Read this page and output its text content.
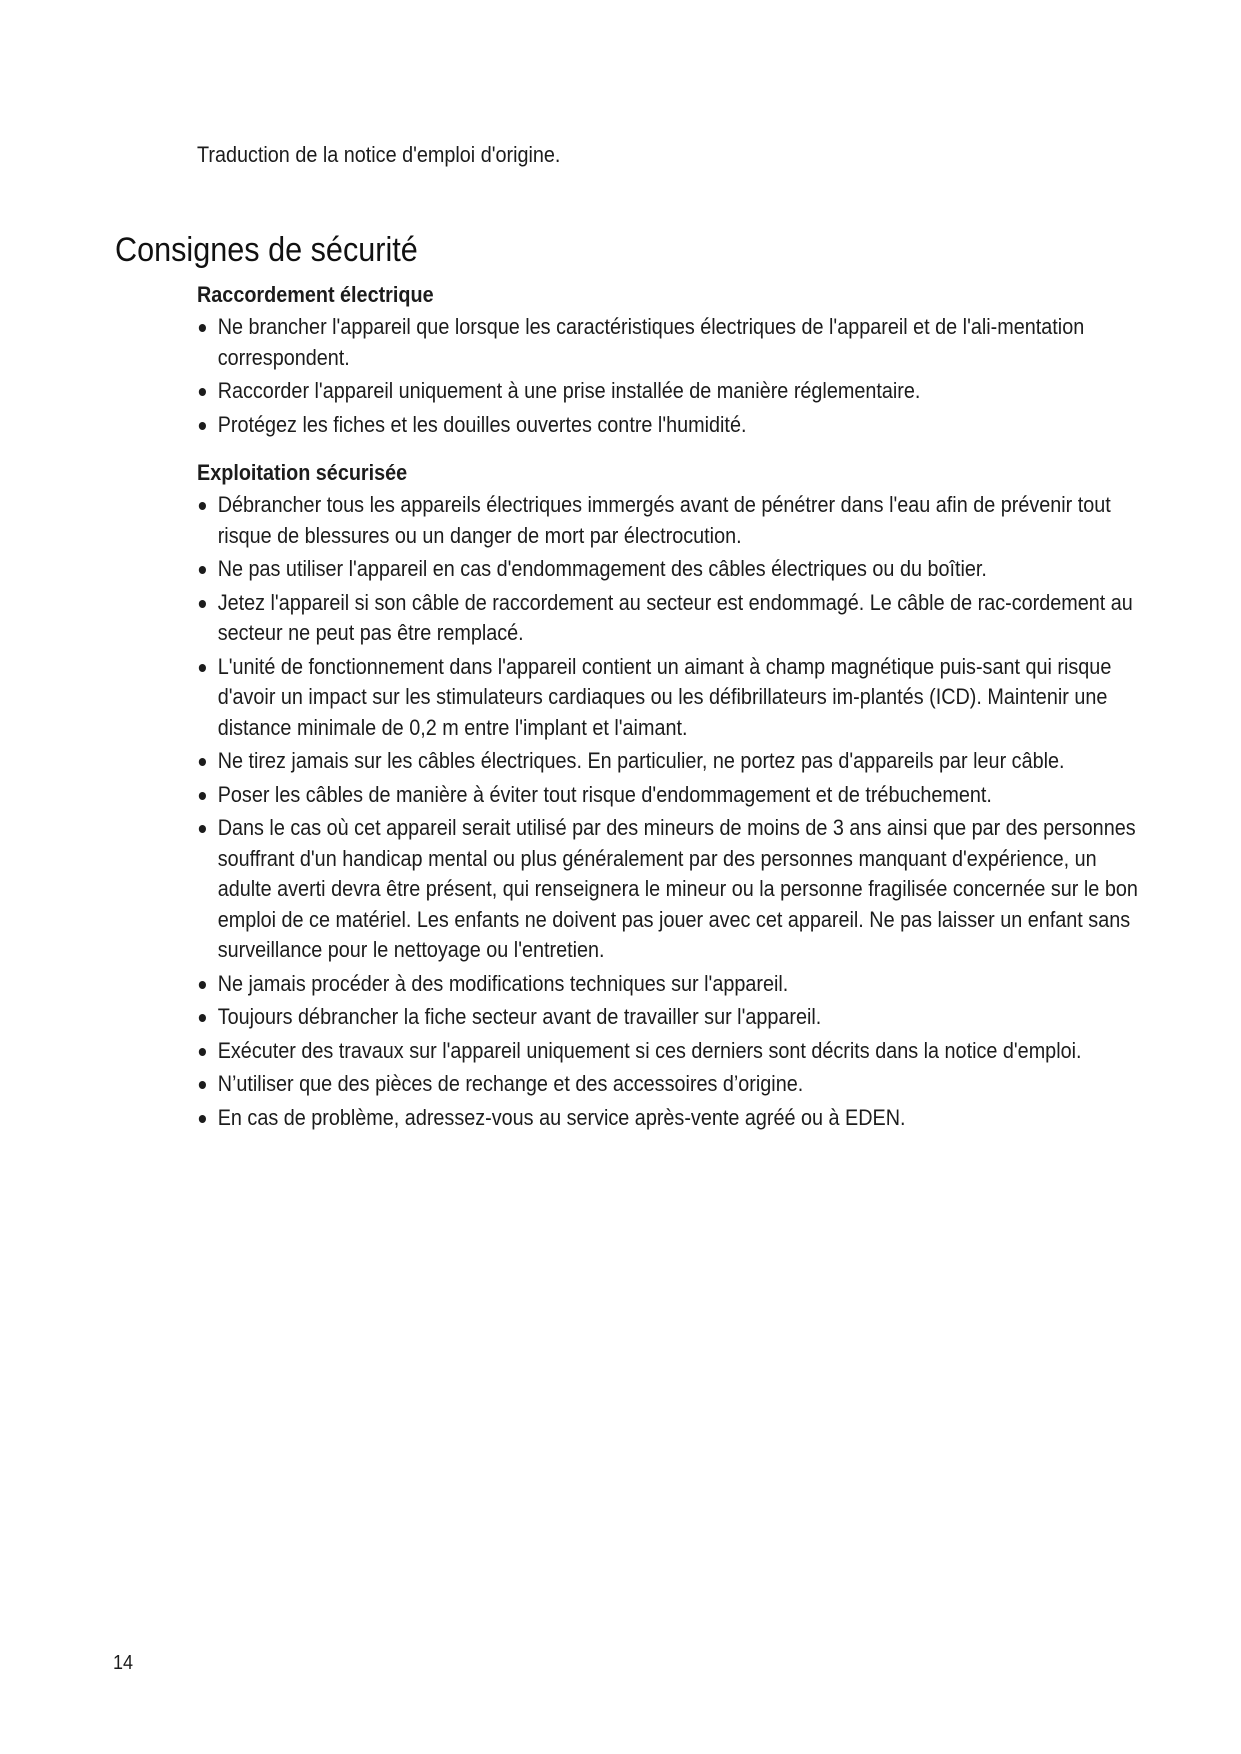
Traduction de la notice d'emploi d'origine.
Consignes de sécurité
Raccordement électrique
Ne brancher l'appareil que lorsque les caractéristiques électriques de l'appareil et de l'ali-mentation correspondent.
Raccorder l'appareil uniquement à une prise installée de manière réglementaire.
Protégez les fiches et les douilles ouvertes contre l'humidité.
Exploitation sécurisée
Débrancher tous les appareils électriques immergés avant de pénétrer dans l'eau afin de prévenir tout risque de blessures ou un danger de mort par électrocution.
Ne pas utiliser l'appareil en cas d'endommagement des câbles électriques ou du boîtier.
Jetez l'appareil si son câble de raccordement au secteur est endommagé. Le câble de rac-cordement au secteur ne peut pas être remplacé.
L'unité de fonctionnement dans l'appareil contient un aimant à champ magnétique puis-sant qui risque d'avoir un impact sur les stimulateurs cardiaques ou les défibrillateurs im-plantés (ICD). Maintenir une distance minimale de 0,2 m entre l'implant et l'aimant.
Ne tirez jamais sur les câbles électriques. En particulier, ne portez pas d'appareils par leur câble.
Poser les câbles de manière à éviter tout risque d'endommagement et de trébuchement.
Dans le cas où cet appareil serait utilisé par des mineurs de moins de 3 ans ainsi que par des personnes souffrant d'un handicap mental ou plus généralement par des personnes manquant d'expérience, un adulte averti devra être présent, qui renseignera le mineur ou la personne fragilisée concernée sur le bon emploi de ce matériel. Les enfants ne doivent pas jouer avec cet appareil. Ne pas laisser un enfant sans surveillance pour le nettoyage ou l'entretien.
Ne jamais procéder à des modifications techniques sur l'appareil.
Toujours débrancher la fiche secteur avant de travailler sur l'appareil.
Exécuter des travaux sur l'appareil uniquement si ces derniers sont décrits dans la notice d'emploi.
N’utiliser que des pièces de rechange et des accessoires d’origine.
En cas de problème, adressez-vous au service après-vente agréé ou à EDEN.
14
